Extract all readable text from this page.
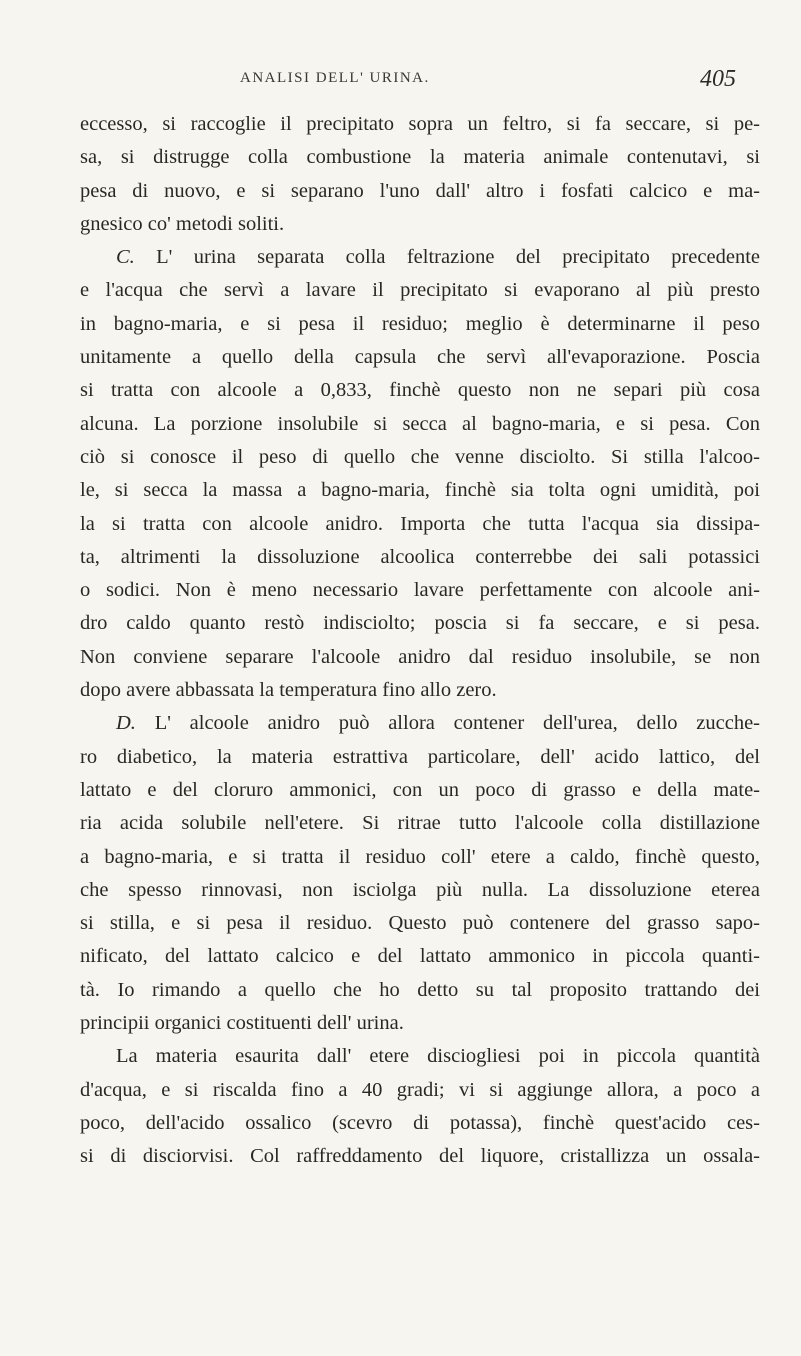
ANALISI DELL' URINA.	405
eccesso, si raccoglie il precipitato sopra un feltro, si fa seccare, si pe-
sa, si distrugge colla combustione la materia animale contenutavi, si
pesa di nuovo, e si separano l'uno dall' altro i fosfati calcico e ma-
gnesico co' metodi soliti.
C. L' urina separata colla feltrazione del precipitato precedente
e l'acqua che servì a lavare il precipitato si evaporano al più presto
in bagno-maria, e si pesa il residuo; meglio è determinarne il peso
unitamente a quello della capsula che servì all'evaporazione. Poscia
si tratta con alcoole a 0,833, finchè questo non ne separi più cosa
alcuna. La porzione insolubile si secca al bagno-maria, e si pesa. Con
ciò si conosce il peso di quello che venne disciolto. Si stilla l'alcoo-
le, si secca la massa a bagno-maria, finchè sia tolta ogni umidità, poi
la si tratta con alcoole anidro. Importa che tutta l'acqua sia dissipa-
ta, altrimenti la dissoluzione alcoolica conterrebbe dei sali potassici
o sodici. Non è meno necessario lavare perfettamente con alcoole ani-
dro caldo quanto restò indisciolto; poscia si fa seccare, e si pesa.
Non conviene separare l'alcoole anidro dal residuo insolubile, se non
dopo avere abbassata la temperatura fino allo zero.
D. L' alcoole anidro può allora contener dell'urea, dello zucche-
ro diabetico, la materia estrattiva particolare, dell' acido lattico, del
lattato e del cloruro ammonici, con un poco di grasso e della mate-
ria acida solubile nell'etere. Si ritrae tutto l'alcoole colla distillazione
a bagno-maria, e si tratta il residuo coll' etere a caldo, finchè questo,
che spesso rinnovasi, non isciolga più nulla. La dissoluzione eterea
si stilla, e si pesa il residuo. Questo può contenere del grasso sapo-
nificato, del lattato calcico e del lattato ammonico in piccola quanti-
tà. Io rimando a quello che ho detto su tal proposito trattando dei
principii organici costituenti dell' urina.
La materia esaurita dall' etere disciogliesi poi in piccola quantità
d'acqua, e si riscalda fino a 40 gradi; vi si aggiunge allora, a poco a
poco, dell'acido ossalico (scevro di potassa), finchè quest'acido ces-
si di disciorvisi. Col raffreddamento del liquore, cristallizza un ossala-
